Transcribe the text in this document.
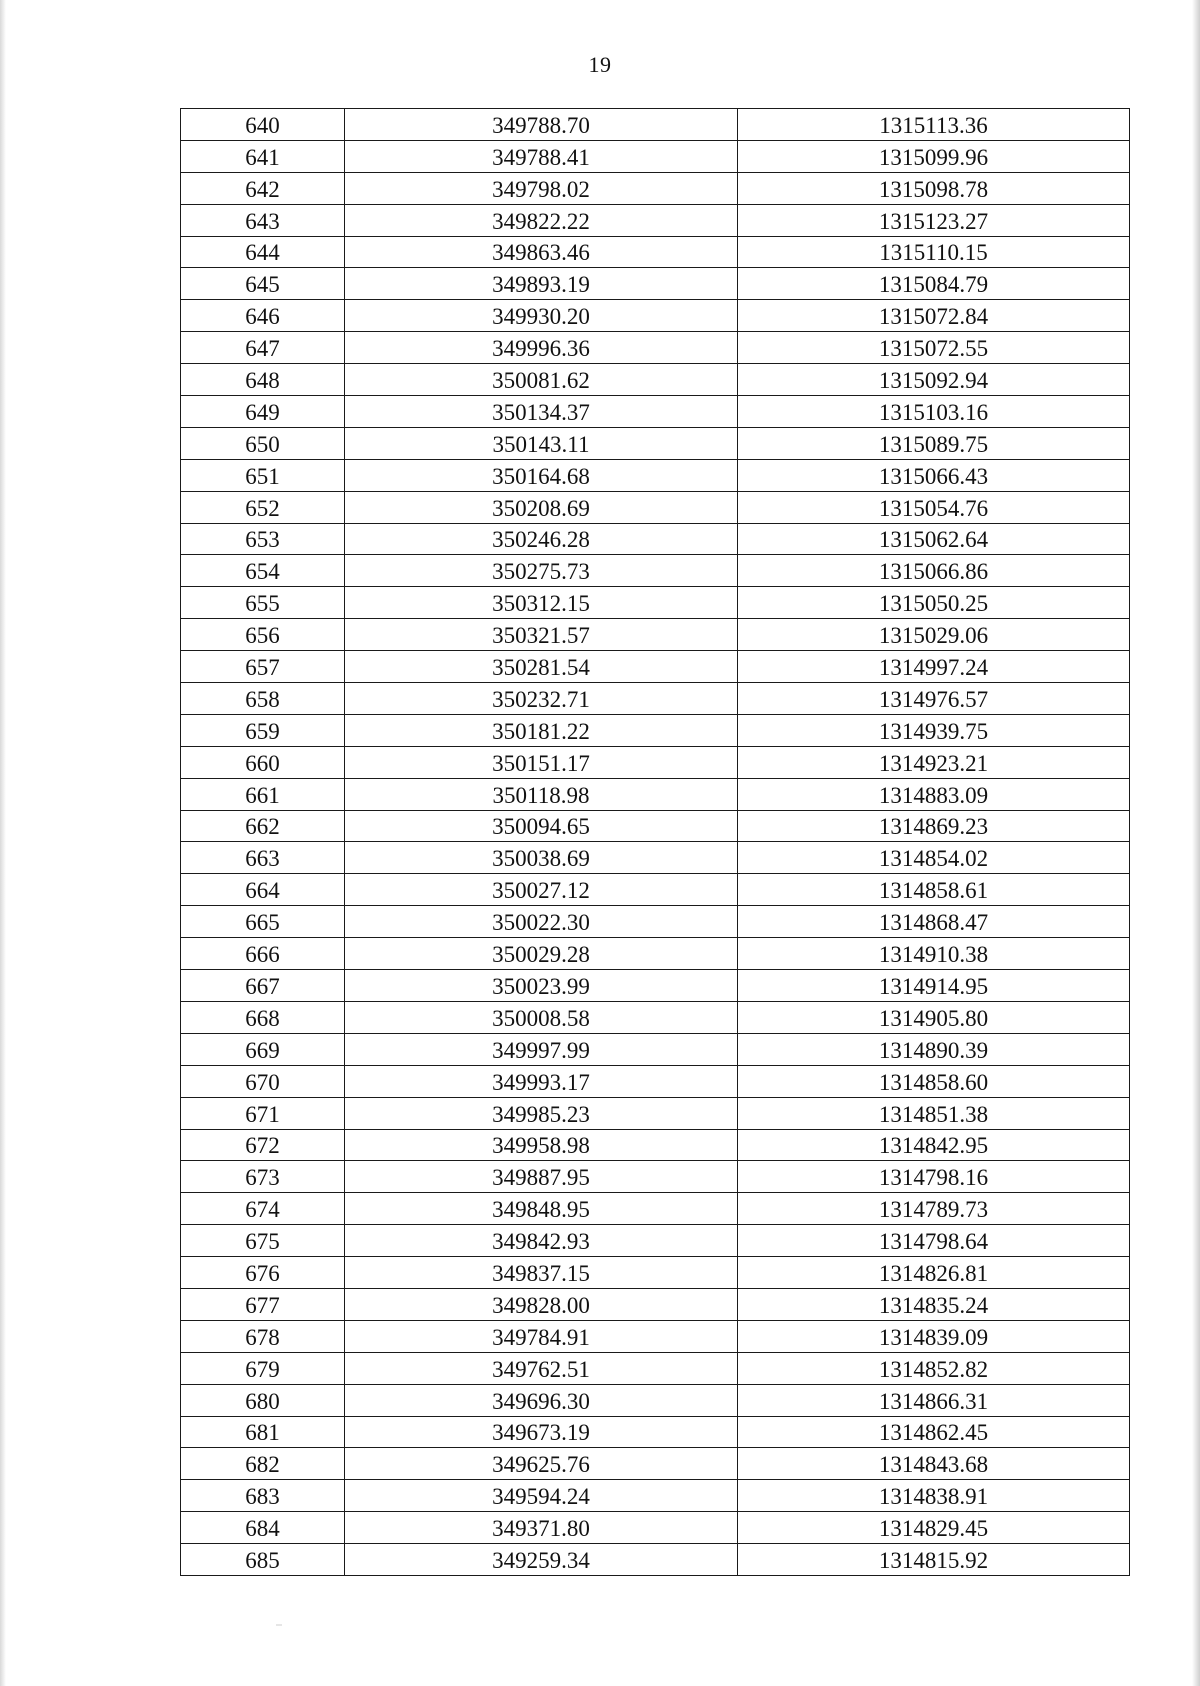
19
640	349788.70	1315113.36
641	349788.41	1315099.96
642	349798.02	1315098.78
643	349822.22	1315123.27
644	349863.46	1315110.15
645	349893.19	1315084.79
646	349930.20	1315072.84
647	349996.36	1315072.55
648	350081.62	1315092.94
649	350134.37	1315103.16
650	350143.11	1315089.75
651	350164.68	1315066.43
652	350208.69	1315054.76
653	350246.28	1315062.64
654	350275.73	1315066.86
655	350312.15	1315050.25
656	350321.57	1315029.06
657	350281.54	1314997.24
658	350232.71	1314976.57
659	350181.22	1314939.75
660	350151.17	1314923.21
661	350118.98	1314883.09
662	350094.65	1314869.23
663	350038.69	1314854.02
664	350027.12	1314858.61
665	350022.30	1314868.47
666	350029.28	1314910.38
667	350023.99	1314914.95
668	350008.58	1314905.80
669	349997.99	1314890.39
670	349993.17	1314858.60
671	349985.23	1314851.38
672	349958.98	1314842.95
673	349887.95	1314798.16
674	349848.95	1314789.73
675	349842.93	1314798.64
676	349837.15	1314826.81
677	349828.00	1314835.24
678	349784.91	1314839.09
679	349762.51	1314852.82
680	349696.30	1314866.31
681	349673.19	1314862.45
682	349625.76	1314843.68
683	349594.24	1314838.91
684	349371.80	1314829.45
685	349259.34	1314815.92
